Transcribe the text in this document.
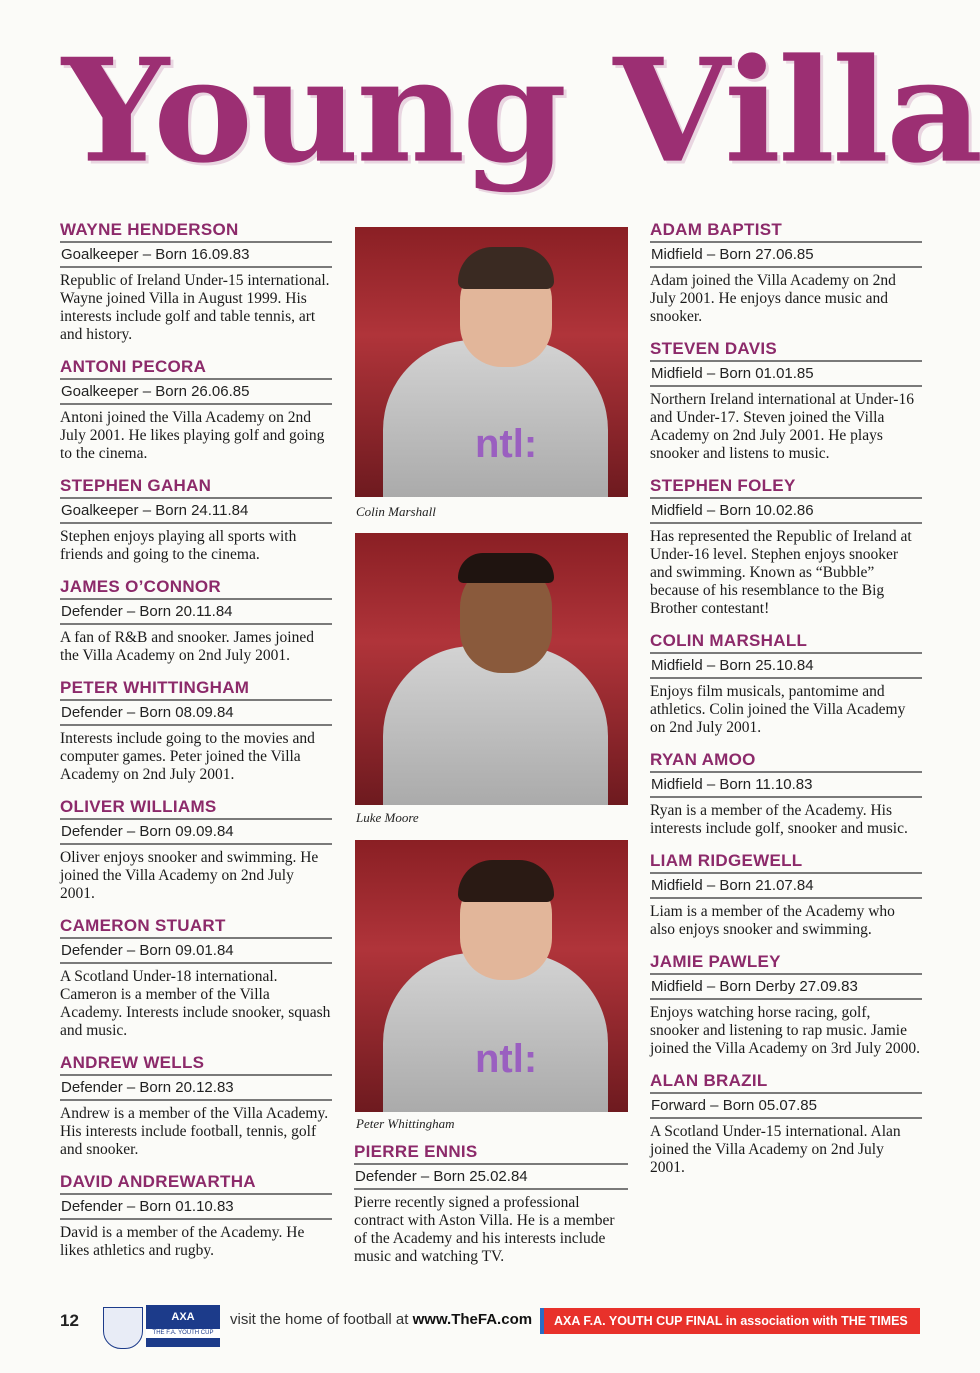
Young Villa
WAYNE HENDERSON
Goalkeeper – Born 16.09.83
Republic of Ireland Under-15 international. Wayne joined Villa in August 1999. His interests include golf and table tennis, art and history.
ANTONI PECORA
Goalkeeper – Born 26.06.85
Antoni joined the Villa Academy on 2nd July 2001. He likes playing golf and going to the cinema.
STEPHEN GAHAN
Goalkeeper – Born 24.11.84
Stephen enjoys playing all sports with friends and going to the cinema.
JAMES O’CONNOR
Defender – Born 20.11.84
A fan of R&B and snooker. James joined the Villa Academy on 2nd July 2001.
PETER WHITTINGHAM
Defender – Born 08.09.84
Interests include going to the movies and computer games. Peter joined the Villa Academy on 2nd July 2001.
OLIVER WILLIAMS
Defender – Born 09.09.84
Oliver enjoys snooker and swimming. He joined the Villa Academy on 2nd July 2001.
CAMERON STUART
Defender – Born 09.01.84
A Scotland Under-18 international. Cameron is a member of the Villa Academy. Interests include snooker, squash and music.
ANDREW WELLS
Defender – Born 20.12.83
Andrew is a member of the Villa Academy. His interests include football, tennis, golf and snooker.
DAVID ANDREWARTHA
Defender – Born 01.10.83
David is a member of the Academy. He likes athletics and rugby.
ntl:
Colin Marshall
Luke Moore
ntl:
Peter Whittingham
PIERRE ENNIS
Defender – Born 25.02.84
Pierre recently signed a professional contract with Aston Villa. He is a member of the Academy and his interests include music and watching TV.
ADAM BAPTIST
Midfield – Born 27.06.85
Adam joined the Villa Academy on 2nd July 2001. He enjoys dance music and snooker.
STEVEN DAVIS
Midfield – Born 01.01.85
Northern Ireland international at Under-16 and Under-17. Steven joined the Villa Academy on 2nd July 2001. He plays snooker and listens to music.
STEPHEN FOLEY
Midfield – Born 10.02.86
Has represented the Republic of Ireland at Under-16 level. Stephen enjoys snooker and swimming. Known as “Bubble” because of his resemblance to the Big Brother contestant!
COLIN MARSHALL
Midfield – Born 25.10.84
Enjoys film musicals, pantomime and athletics. Colin joined the Villa Academy on 2nd July 2001.
RYAN AMOO
Midfield – Born 11.10.83
Ryan is a member of the Academy. His interests include golf, snooker and music.
LIAM RIDGEWELL
Midfield – Born 21.07.84
Liam is a member of the Academy who also enjoys snooker and swimming.
JAMIE PAWLEY
Midfield – Born Derby 27.09.83
Enjoys watching horse racing, golf, snooker and listening to rap music. Jamie joined the Villa Academy on 3rd July 2000.
ALAN BRAZIL
Forward – Born 05.07.85
A Scotland Under-15 international. Alan joined the Villa Academy on 2nd July 2001.
12	AXA
THE F.A. YOUTH CUP
visit the home of football at www.TheFA.com	AXA F.A. YOUTH CUP FINAL in association with THE TIMES
